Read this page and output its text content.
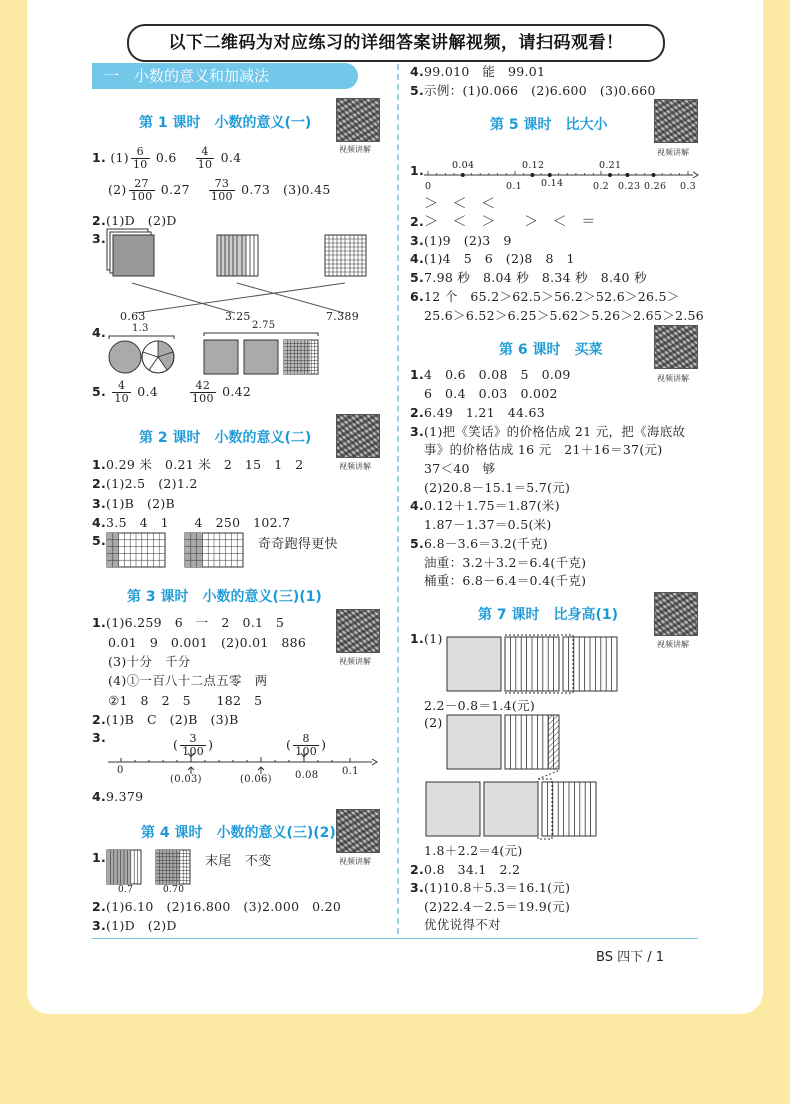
以下二维码为对应练习的详细答案讲解视频，请扫码观看！
一　小数的意义和加减法
第 1 课时　小数的意义(一)
视频讲解
1. $(1) \frac{6}{10} 0.6$　 $\frac{4}{10} 0.4$
$(2) \frac{27}{100} 0.27$　 $\frac{73}{100} 0.73$　(3)0.45
2.(1)D　(2)D
3.
0.63	3.25	7.389
4.	1.3	2.75
5. $\frac{4}{10} 0.4$　　	$\frac{42}{100} 0.42$
第 2 课时　小数的意义(二)
视频讲解
1.0.29 米　0.21 米　2　15　1　2
2.(1)2.5　(2)1.2
3.(1)B　(2)B
4.3.5　4　1　　4　250　102.7
5.	奇奇跑得更快
第 3 课时　小数的意义(三)(1)
视频讲解
1.(1)6.259　6　一　2　0.1　5
0.01　9　0.001　(2)0.01　886
(3)十分　千分
(4)①一百八十二点五零　两
②1　8　2　5　　182　5
2.(1)B　C　(2)B　(3)B
3.	( $\frac{3}{100}$ )	( $\frac{8}{100}$ )
0
(0.03)	(0.06) 0.08 0.1
4.9.379
第 4 课时　小数的意义(三)(2)
视频讲解
1.	末尾　不变
0.7	0.70
2.(1)6.10　(2)16.800　(3)2.000　0.20
3.(1)D　(2)D
4.99.010　能　99.01
5.示例：(1)0.066　(2)6.600　(3)0.660
第 5 课时　比大小
视频讲解
1.	0.04	0.12	0.21
0	0.1 0.14	0.2 0.23 0.26 0.3
＞　＜　＜
2.＞　＜　＞　　＞　＜　＝
3.(1)9　(2)3　9
4.(1)4　5　6　(2)8　8　1
5.7.98 秒　8.04 秒　8.34 秒　8.40 秒
6.12 个　65.2＞62.5＞56.2＞52.6＞26.5＞
25.6＞6.52＞6.25＞5.62＞5.26＞2.65＞2.56
第 6 课时　买菜
视频讲解
1.4　0.6　0.08　5　0.09
6　0.4　0.03　0.002
2.6.49　1.21　44.63
3.(1)把《笑话》的价格估成 21 元，把《海底故
事》的价格估成 16 元　21＋16＝37(元)
37＜40　够
(2)20.8－15.1＝5.7(元)
4.0.12＋1.75＝1.87(米)
1.87－1.37＝0.5(米)
5.6.8－3.6＝3.2(千克)
油重：3.2＋3.2＝6.4(千克)
桶重：6.8－6.4＝0.4(千克)
第 7 课时　比身高(1)
视频讲解
1.(1)
2.2－0.8＝1.4(元)
(2)
1.8＋2.2＝4(元)
2.0.8　34.1　2.2
3.(1)10.8＋5.3＝16.1(元)
(2)22.4－2.5＝19.9(元)
优优说得不对
BS 四下 / 1
